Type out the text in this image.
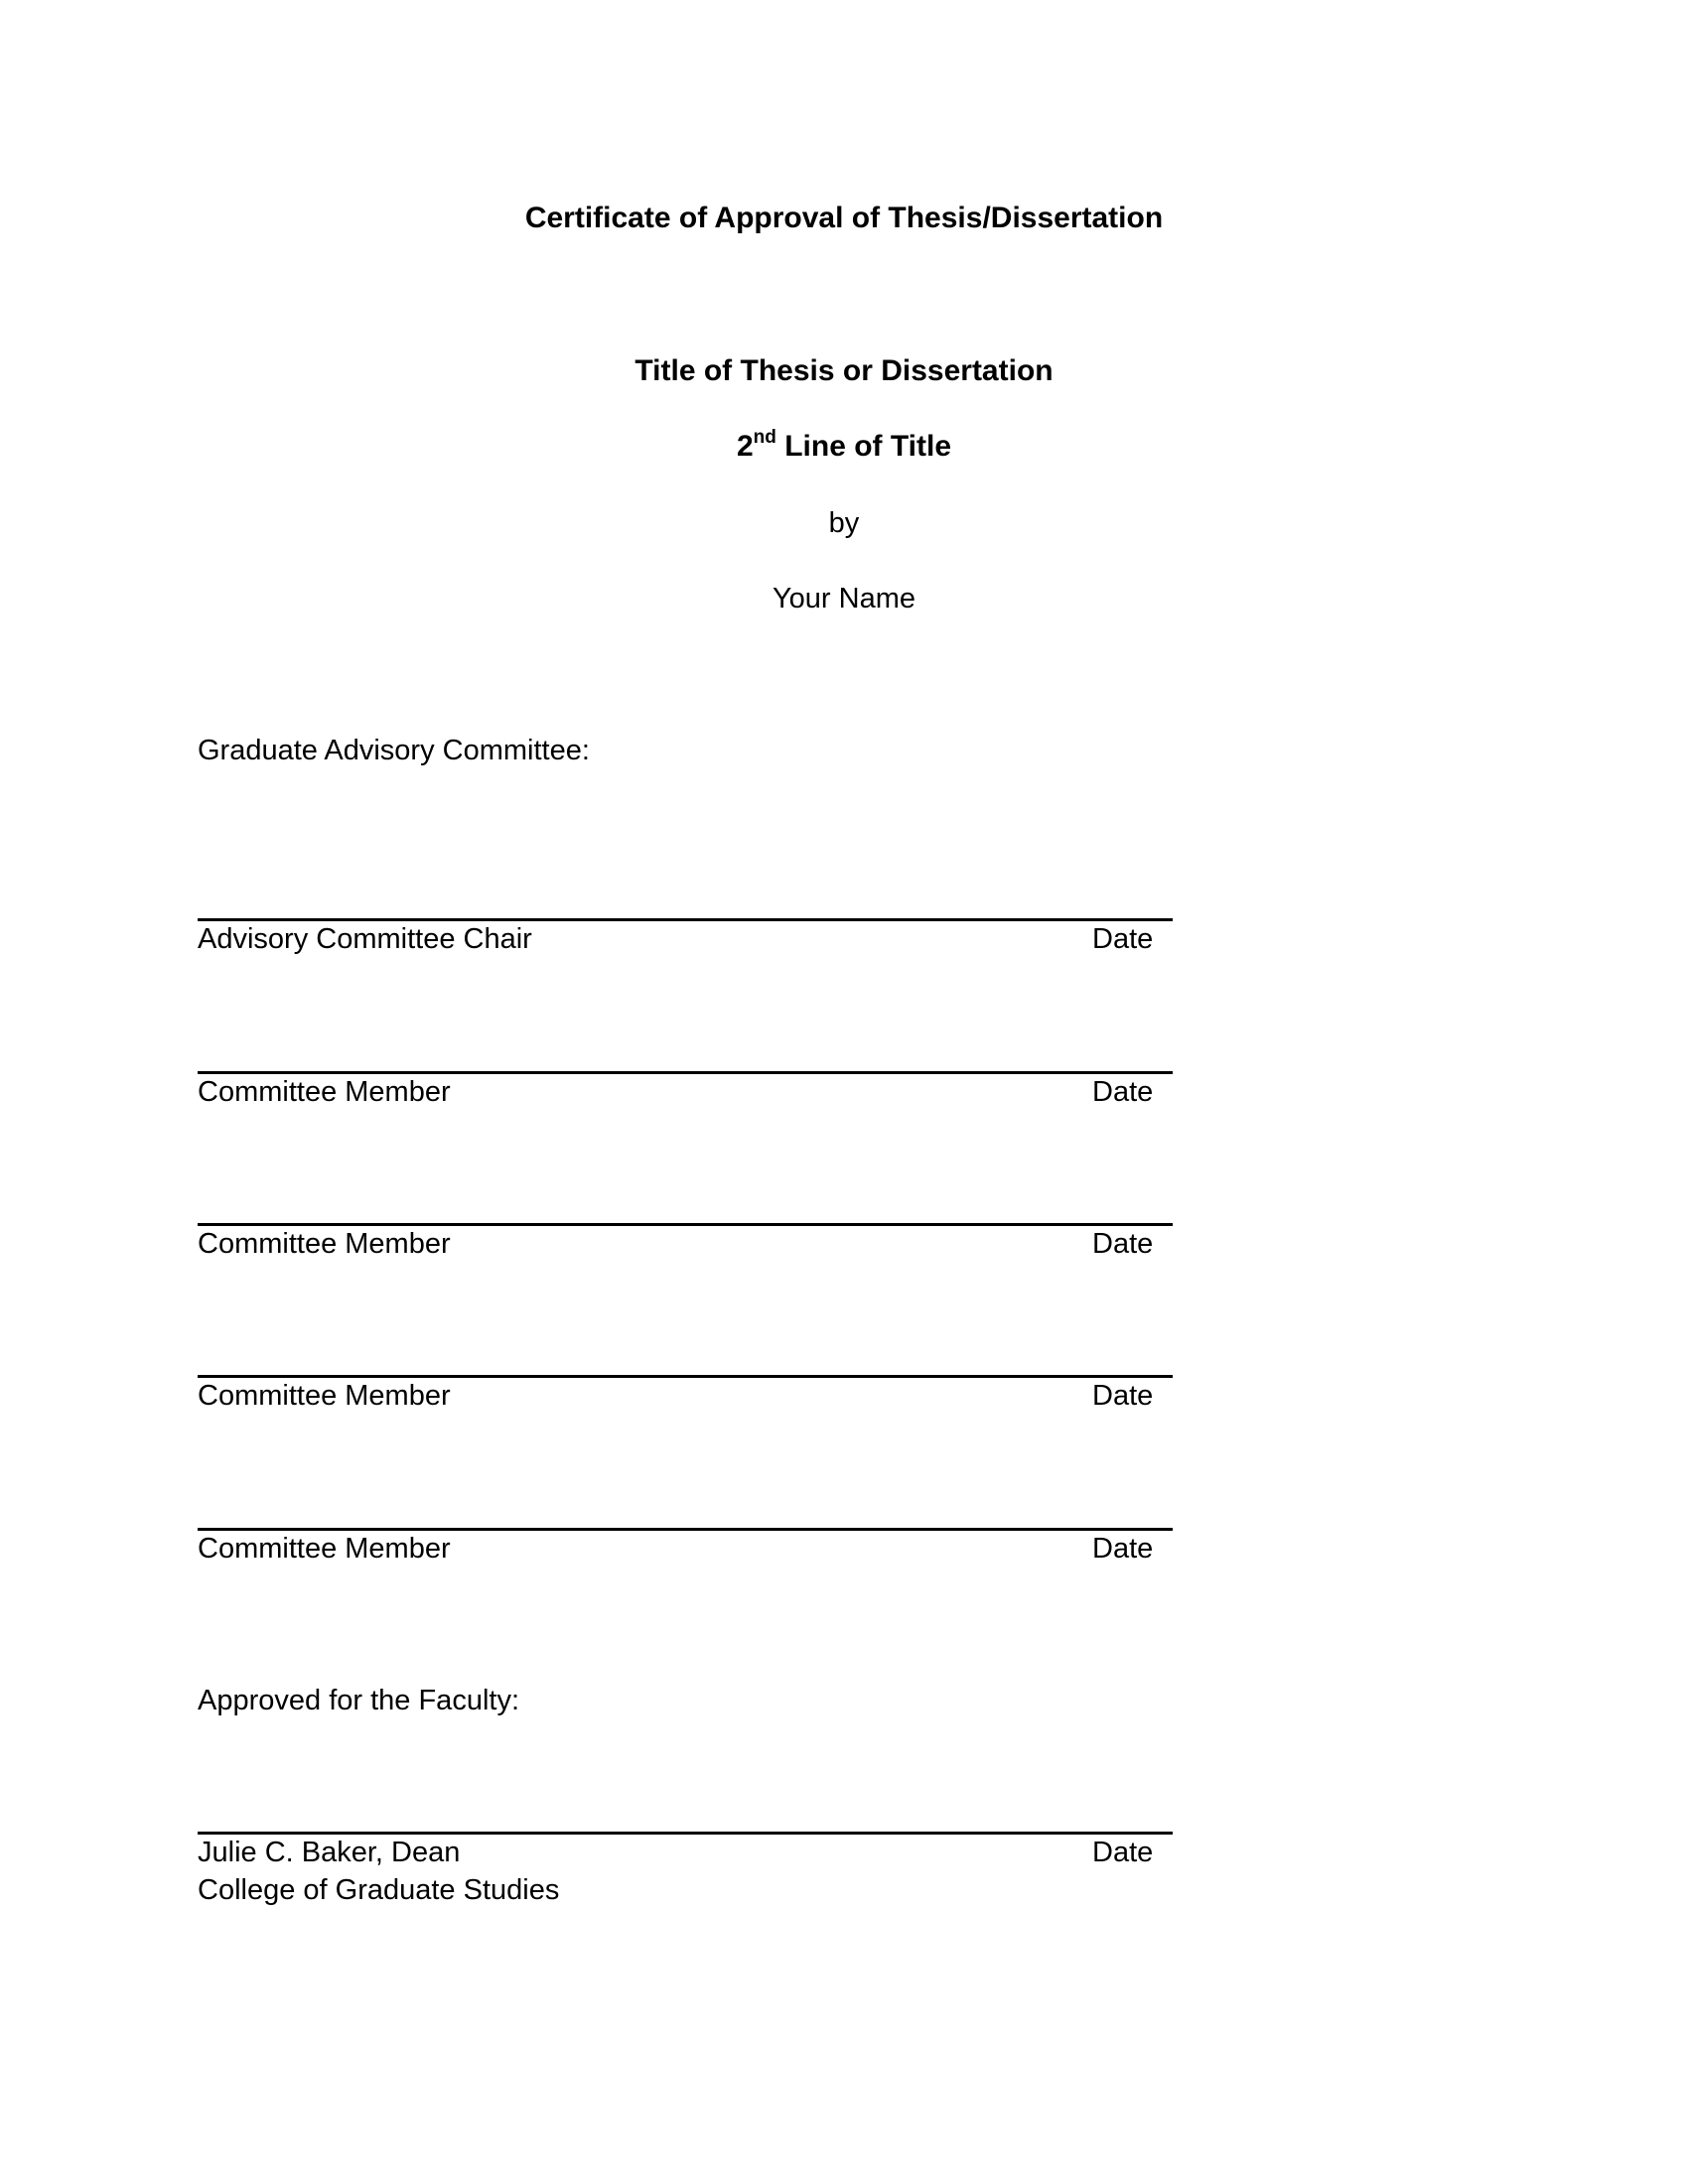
Certificate of Approval of Thesis/Dissertation
Title of Thesis or Dissertation
2nd Line of Title
by
Your Name
Graduate Advisory Committee:
Advisory Committee Chair	Date
Committee Member	Date
Committee Member	Date
Committee Member	Date
Committee Member	Date
Approved for the Faculty:
Julie C. Baker, Dean	Date
College of Graduate Studies
